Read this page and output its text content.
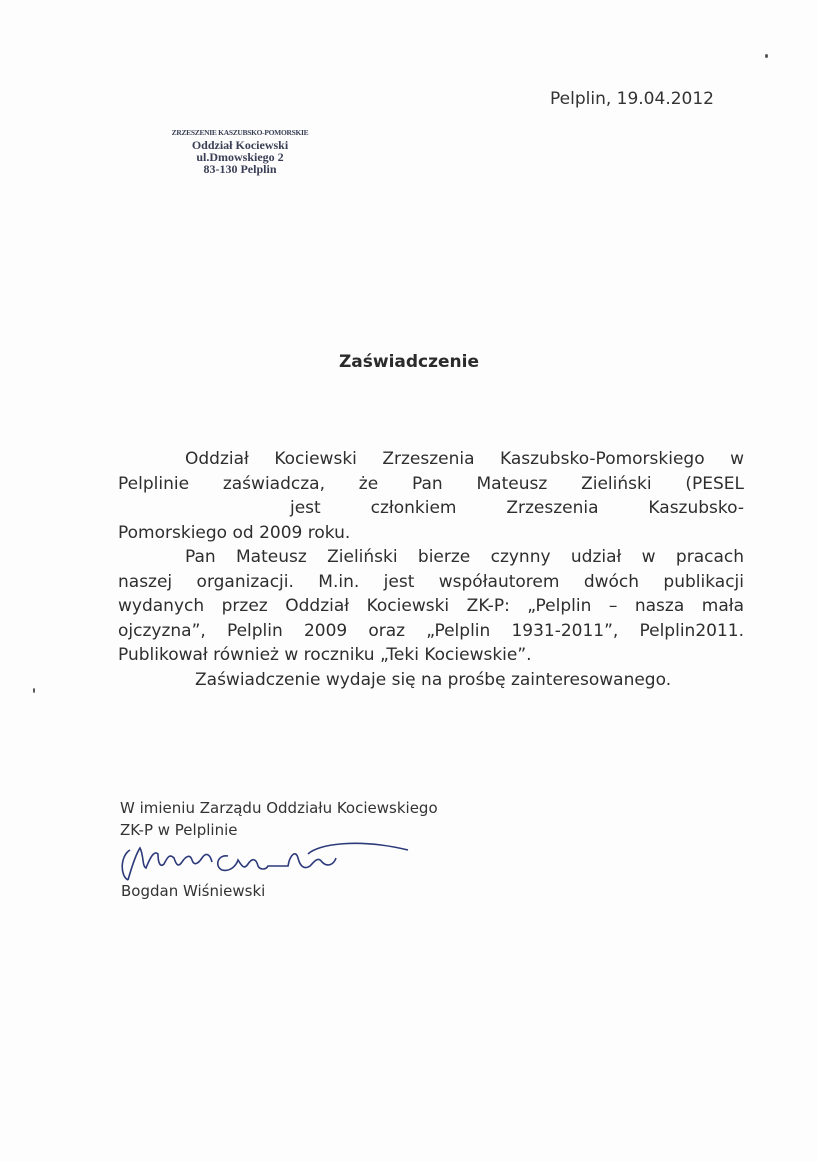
ZRZESZENIE KASZUBSKO-POMORSKIE
Oddział Kociewski
ul.Dmowskiego 2
83-130 Pelplin
Pelplin, 19.04.2012
Zaświadczenie
Oddział Kociewski Zrzeszenia Kaszubsko-Pomorskiego w
Pelplinie zaświadcza, że Pan Mateusz Zieliński (PESEL
jest członkiem Zrzeszenia Kaszubsko-
Pomorskiego od 2009 roku.
Pan Mateusz Zieliński bierze czynny udział w pracach
naszej organizacji. M.in. jest współautorem dwóch publikacji
wydanych przez Oddział Kociewski ZK-P: „Pelplin – nasza mała
ojczyzna”, Pelplin 2009 oraz „Pelplin 1931-2011”, Pelplin2011.
Publikował również w roczniku „Teki Kociewskie”.
Zaświadczenie wydaje się na prośbę zainteresowanego.
W imieniu Zarządu Oddziału Kociewskiego
ZK-P w Pelplinie
Bogdan Wiśniewski
